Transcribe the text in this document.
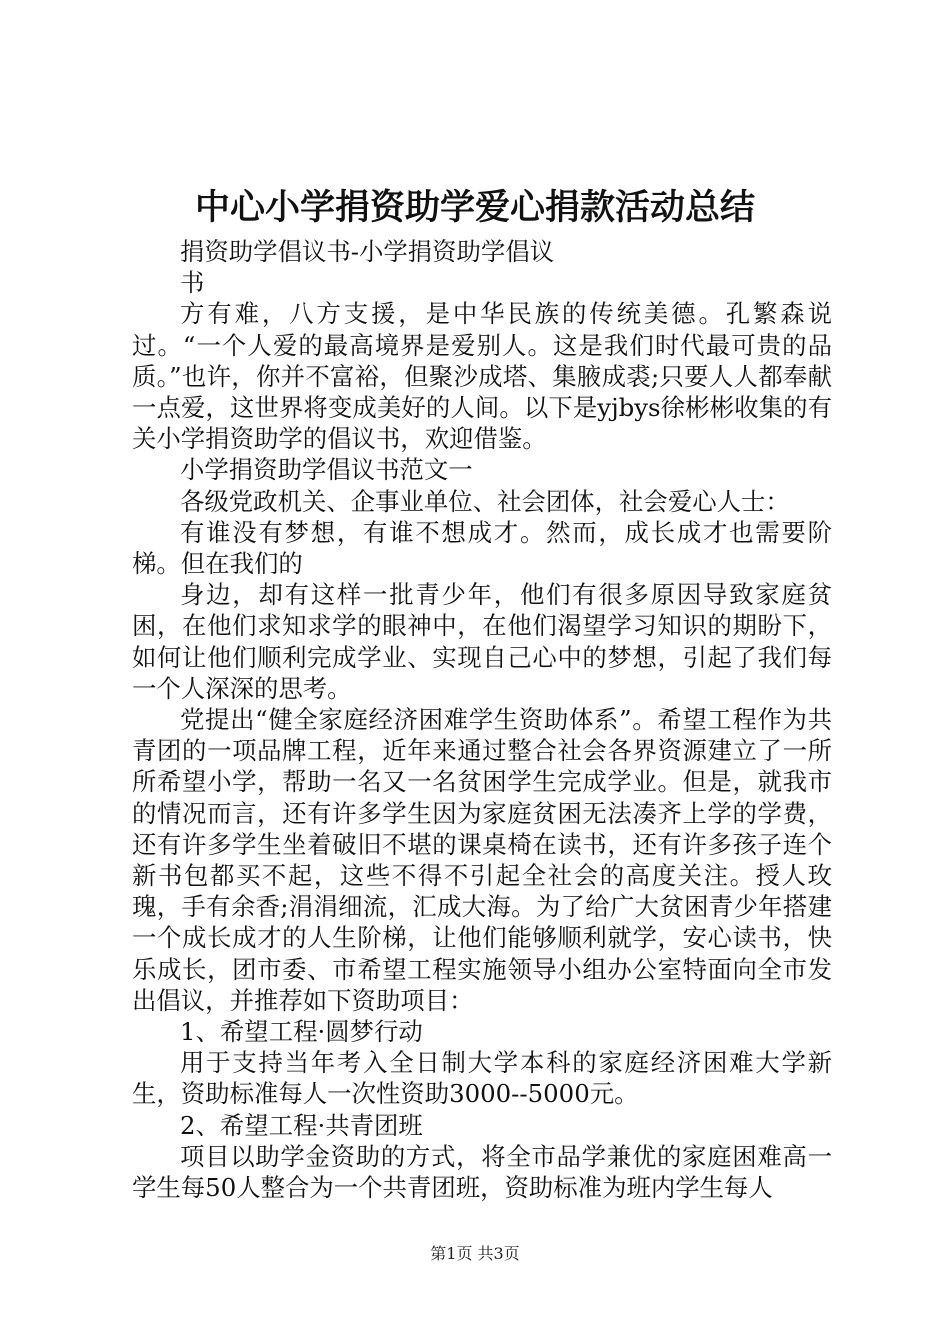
中心小学捐资助学爱心捐款活动总结

捐资助学倡议书-小学捐资助学倡议

书

方有难，八方支援，是中华民族的传统美德。孔繁森说过。“一个人爱的最高境界是爱别人。这是我们时代最可贵的品质。”也许，你并不富裕，但聚沙成塔、集腋成裘;只要人人都奉献一点爱，这世界将变成美好的人间。以下是yjbys徐彬彬收集的有关小学捐资助学的倡议书，欢迎借鉴。

小学捐资助学倡议书范文一

各级党政机关、企事业单位、社会团体，社会爱心人士：

有谁没有梦想，有谁不想成才。然而，成长成才也需要阶梯。但在我们的

身边，却有这样一批青少年，他们有很多原因导致家庭贫困，在他们求知求学的眼神中，在他们渴望学习知识的期盼下，如何让他们顺利完成学业、实现自己心中的梦想，引起了我们每一个人深深的思考。

党提出“健全家庭经济困难学生资助体系”。希望工程作为共青团的一项品牌工程，近年来通过整合社会各界资源建立了一所所希望小学，帮助一名又一名贫困学生完成学业。但是，就我市的情况而言，还有许多学生因为家庭贫困无法凑齐上学的学费，还有许多学生坐着破旧不堪的课桌椅在读书，还有许多孩子连个新书包都买不起，这些不得不引起全社会的高度关注。授人玫瑰，手有余香;涓涓细流，汇成大海。为了给广大贫困青少年搭建一个成长成才的人生阶梯，让他们能够顺利就学，安心读书，快乐成长，团市委、市希望工程实施领导小组办公室特面向全市发出倡议，并推荐如下资助项目：

1、希望工程·圆梦行动

用于支持当年考入全日制大学本科的家庭经济困难大学新生，资助标准每人一次性资助3000--5000元。

2、希望工程·共青团班

项目以助学金资助的方式，将全市品学兼优的家庭困难高一学生每50人整合为一个共青团班，资助标准为班内学生每人

第1页 共3页
